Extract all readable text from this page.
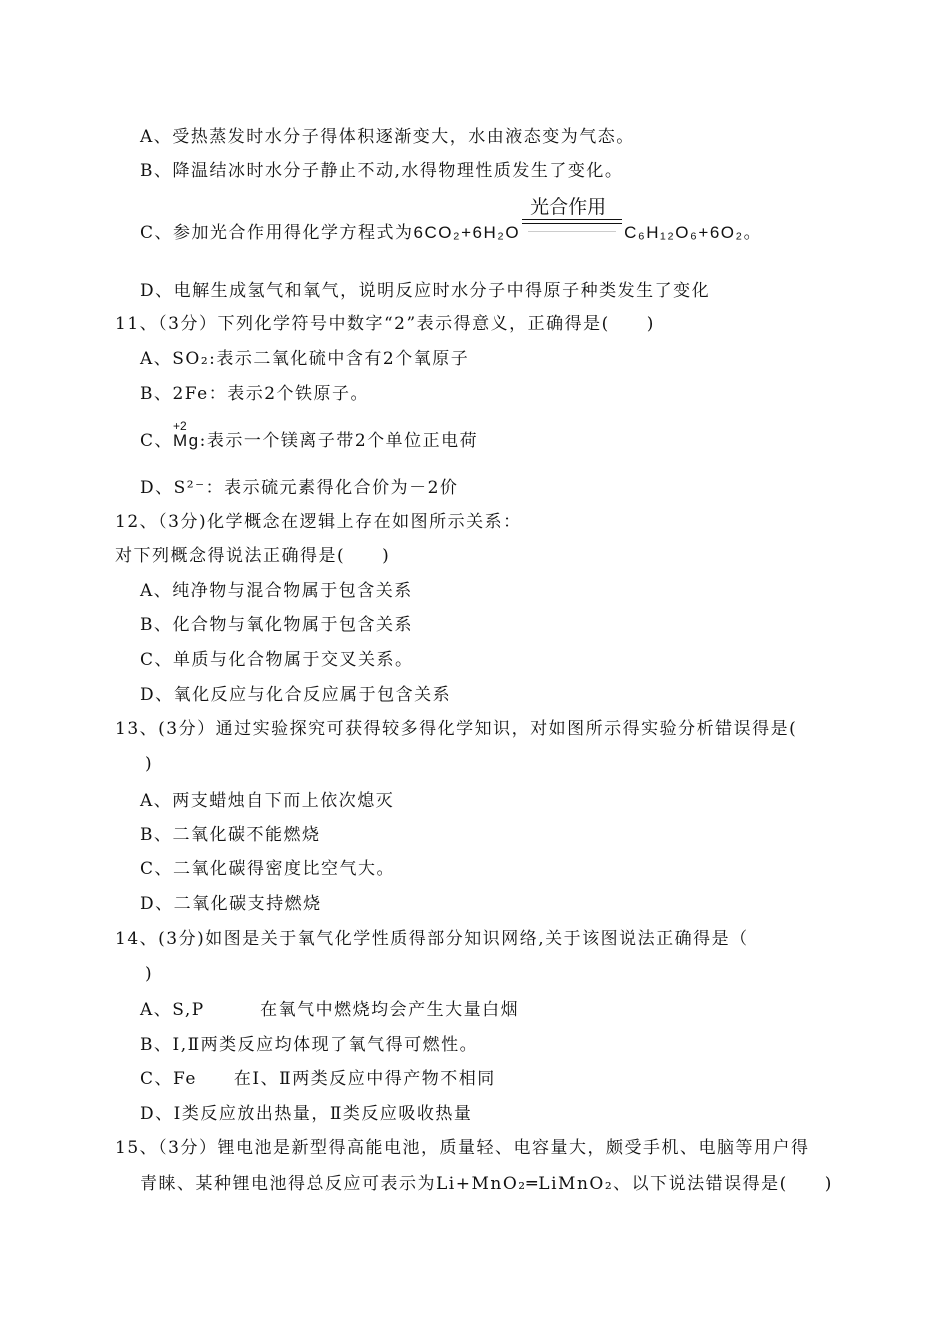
A、受热蒸发时水分子得体积逐渐变大，水由液态变为气态。
B、降温结冰时水分子静止不动,水得物理性质发生了变化。
C、参加光合作用得化学方程式为6CO₂+6H₂O
光合作用
C₆H₁₂O₆+6O₂。
D、电解生成氢气和氧气，说明反应时水分子中得原子种类发生了变化
11、（3分）下列化学符号中数字“2”表示得意义，正确得是(　　)
A、SO₂:表示二氧化硫中含有2个氧原子
B、2Fe：表示2个铁原子。
C、
+2
Mg:表示一个镁离子带2个单位正电荷
D、S²⁻：表示硫元素得化合价为－2价
12、（3分)化学概念在逻辑上存在如图所示关系：
对下列概念得说法正确得是(　　)
A、纯净物与混合物属于包含关系
B、化合物与氧化物属于包含关系
C、单质与化合物属于交叉关系。
D、氧化反应与化合反应属于包含关系
13、(3分）通过实验探究可获得较多得化学知识，对如图所示得实验分析错误得是(
)
A、两支蜡烛自下而上依次熄灭
B、二氧化碳不能燃烧
C、二氧化碳得密度比空气大。
D、二氧化碳支持燃烧
14、(3分)如图是关于氧气化学性质得部分知识网络,关于该图说法正确得是（
)
A、S,P　　　在氧气中燃烧均会产生大量白烟
B、Ⅰ,Ⅱ两类反应均体现了氧气得可燃性。
C、Fe　　在Ⅰ、Ⅱ两类反应中得产物不相同
D、Ⅰ类反应放出热量，Ⅱ类反应吸收热量
15、（3分）锂电池是新型得高能电池，质量轻、电容量大，颇受手机、电脑等用户得
青睐、某种锂电池得总反应可表示为Li+MnO₂═LiMnO₂、以下说法错误得是(　　)
